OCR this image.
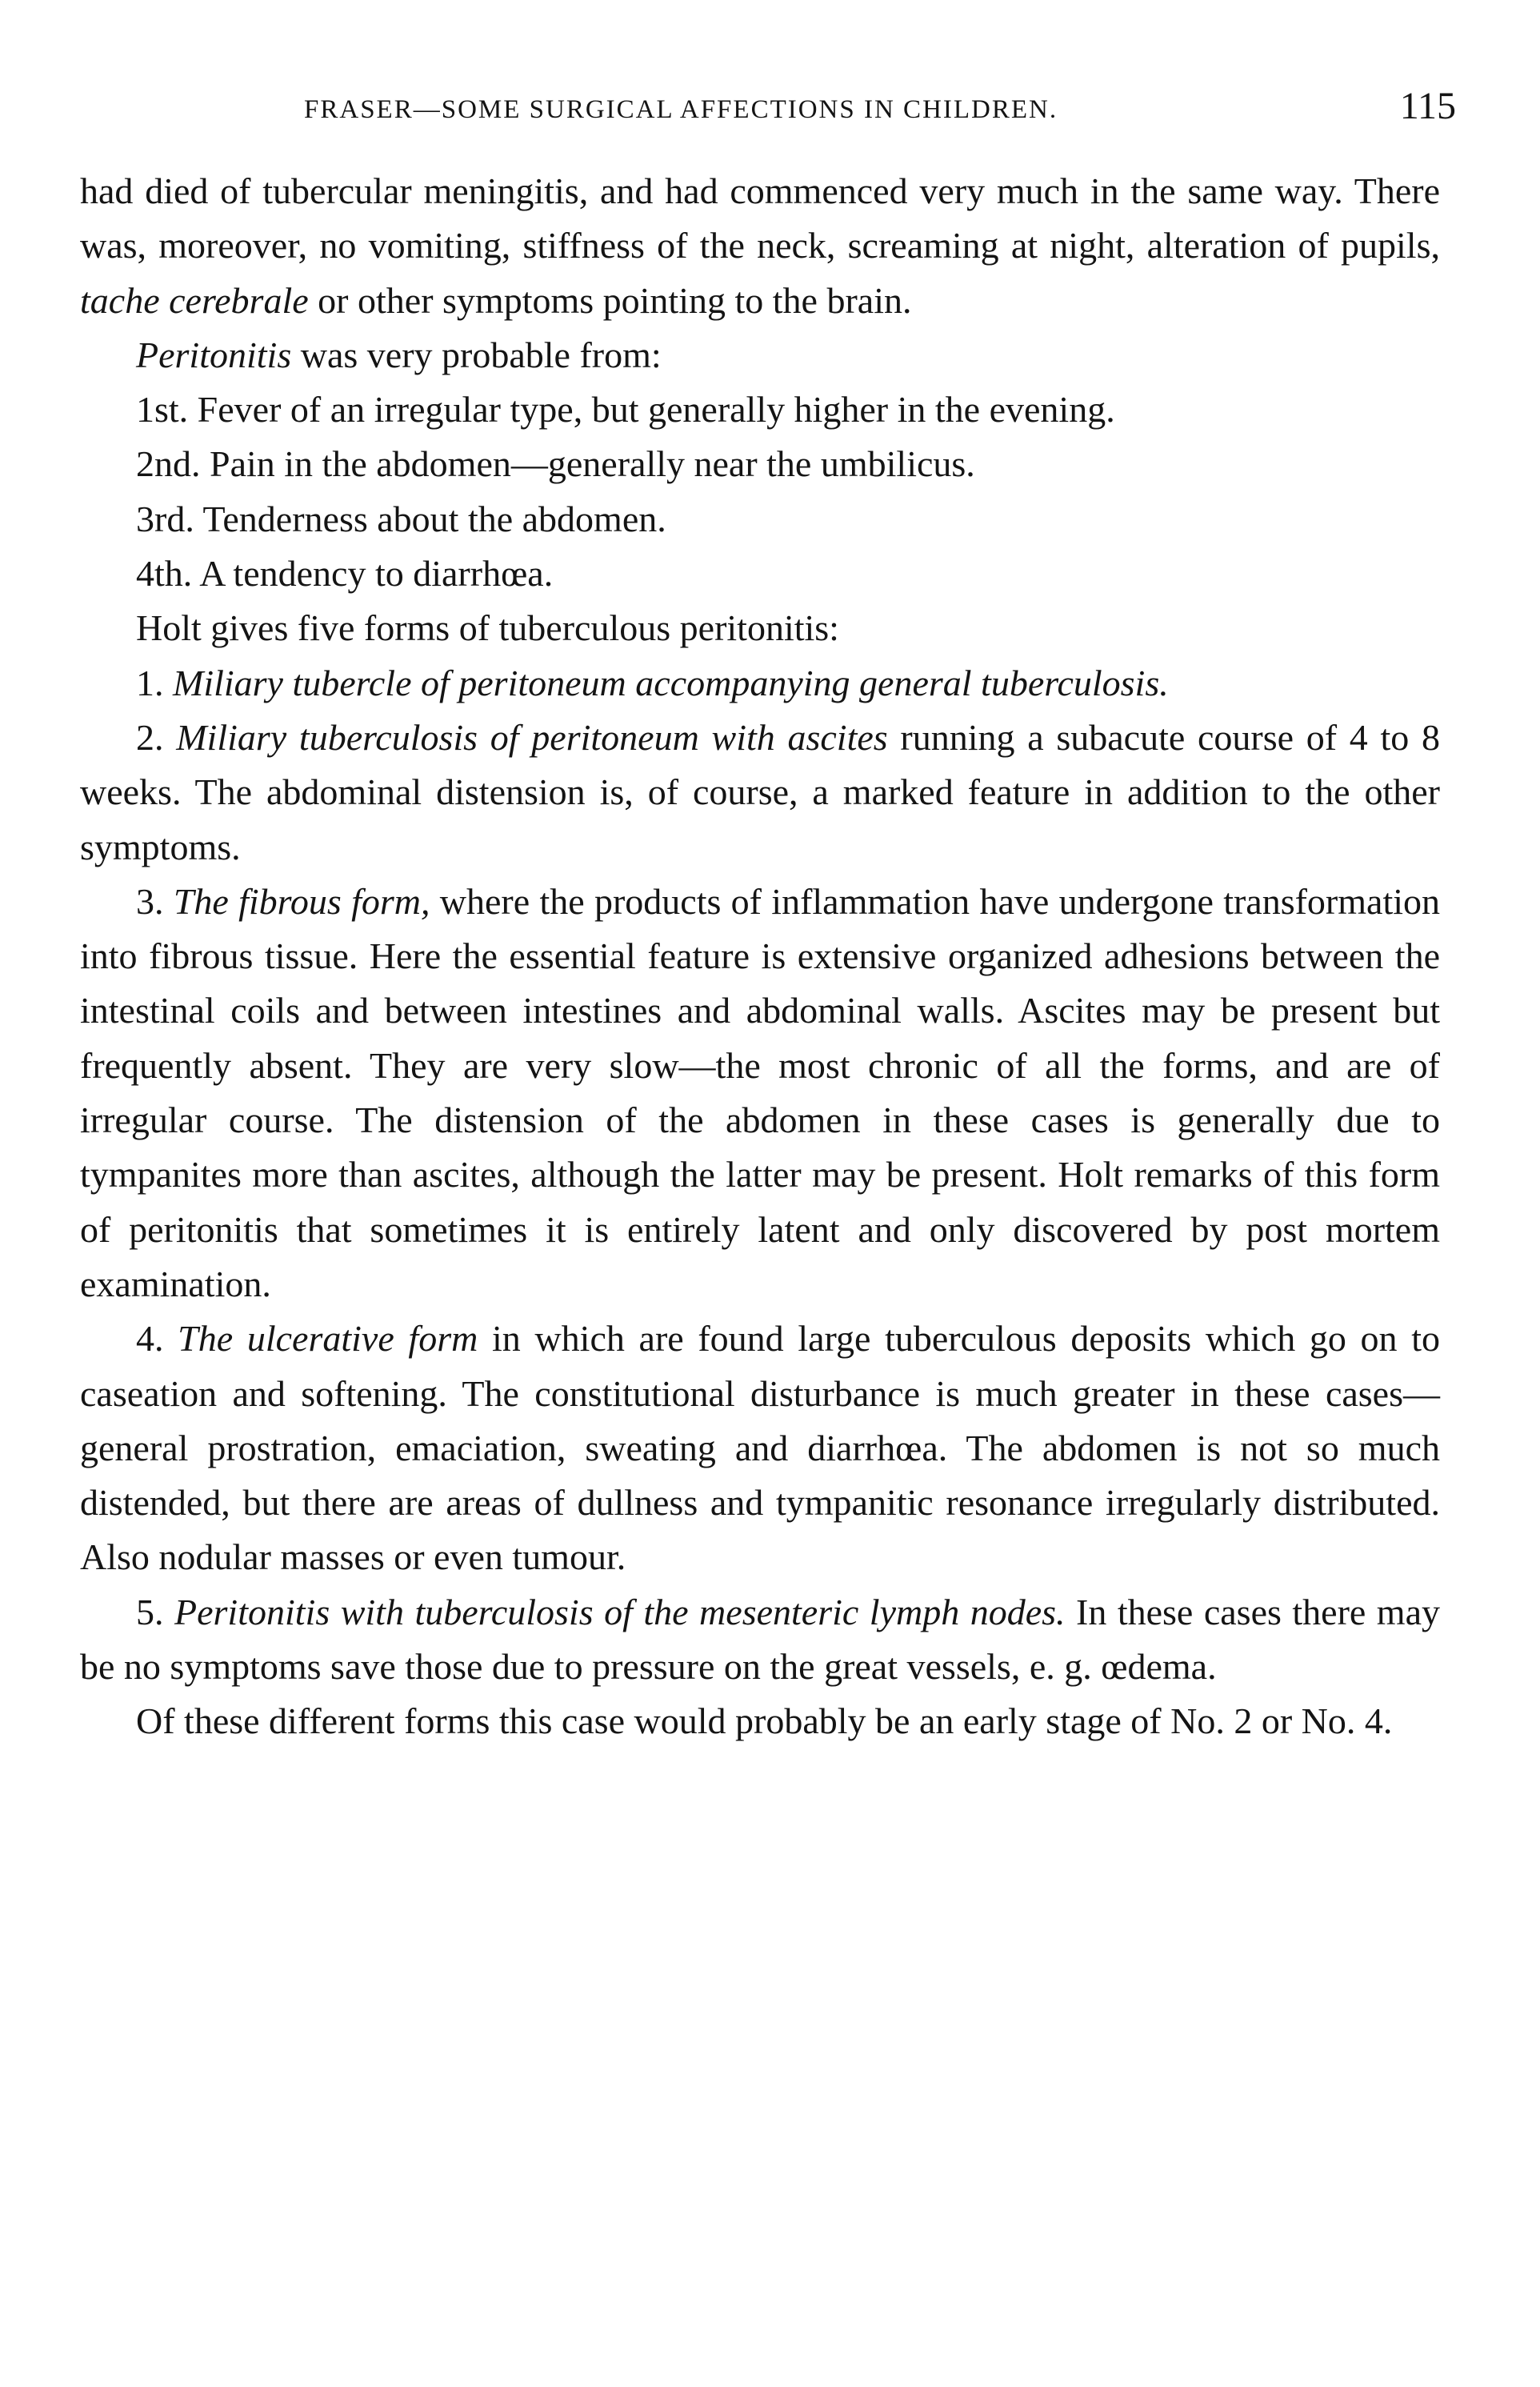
FRASER—SOME SURGICAL AFFECTIONS IN CHILDREN.	115

had died of tubercular meningitis, and had commenced very much in the same way. There was, moreover, no vomiting, stiffness of the neck, screaming at night, alteration of pupils, tache cerebrale or other symptoms pointing to the brain.

Peritonitis was very probable from:

1st. Fever of an irregular type, but generally higher in the evening.

2nd. Pain in the abdomen—generally near the umbilicus.

3rd. Tenderness about the abdomen.

4th. A tendency to diarrhœa.

Holt gives five forms of tuberculous peritonitis:

1. Miliary tubercle of peritoneum accompanying general tuberculosis.

2. Miliary tuberculosis of peritoneum with ascites running a subacute course of 4 to 8 weeks. The abdominal distension is, of course, a marked feature in addition to the other symptoms.

3. The fibrous form, where the products of inflammation have undergone transformation into fibrous tissue. Here the essential feature is extensive organized adhesions between the intestinal coils and between intestines and abdominal walls. Ascites may be present but frequently absent. They are very slow—the most chronic of all the forms, and are of irregular course. The distension of the abdomen in these cases is generally due to tympanites more than ascites, although the latter may be present. Holt remarks of this form of peritonitis that sometimes it is entirely latent and only discovered by post mortem examination.

4. The ulcerative form in which are found large tuberculous deposits which go on to caseation and softening. The constitutional disturbance is much greater in these cases—general prostration, emaciation, sweating and diarrhœa. The abdomen is not so much distended, but there are areas of dullness and tympanitic resonance irregularly distributed. Also nodular masses or even tumour.

5. Peritonitis with tuberculosis of the mesenteric lymph nodes. In these cases there may be no symptoms save those due to pressure on the great vessels, e. g. œdema.

Of these different forms this case would probably be an early stage of No. 2 or No. 4.
